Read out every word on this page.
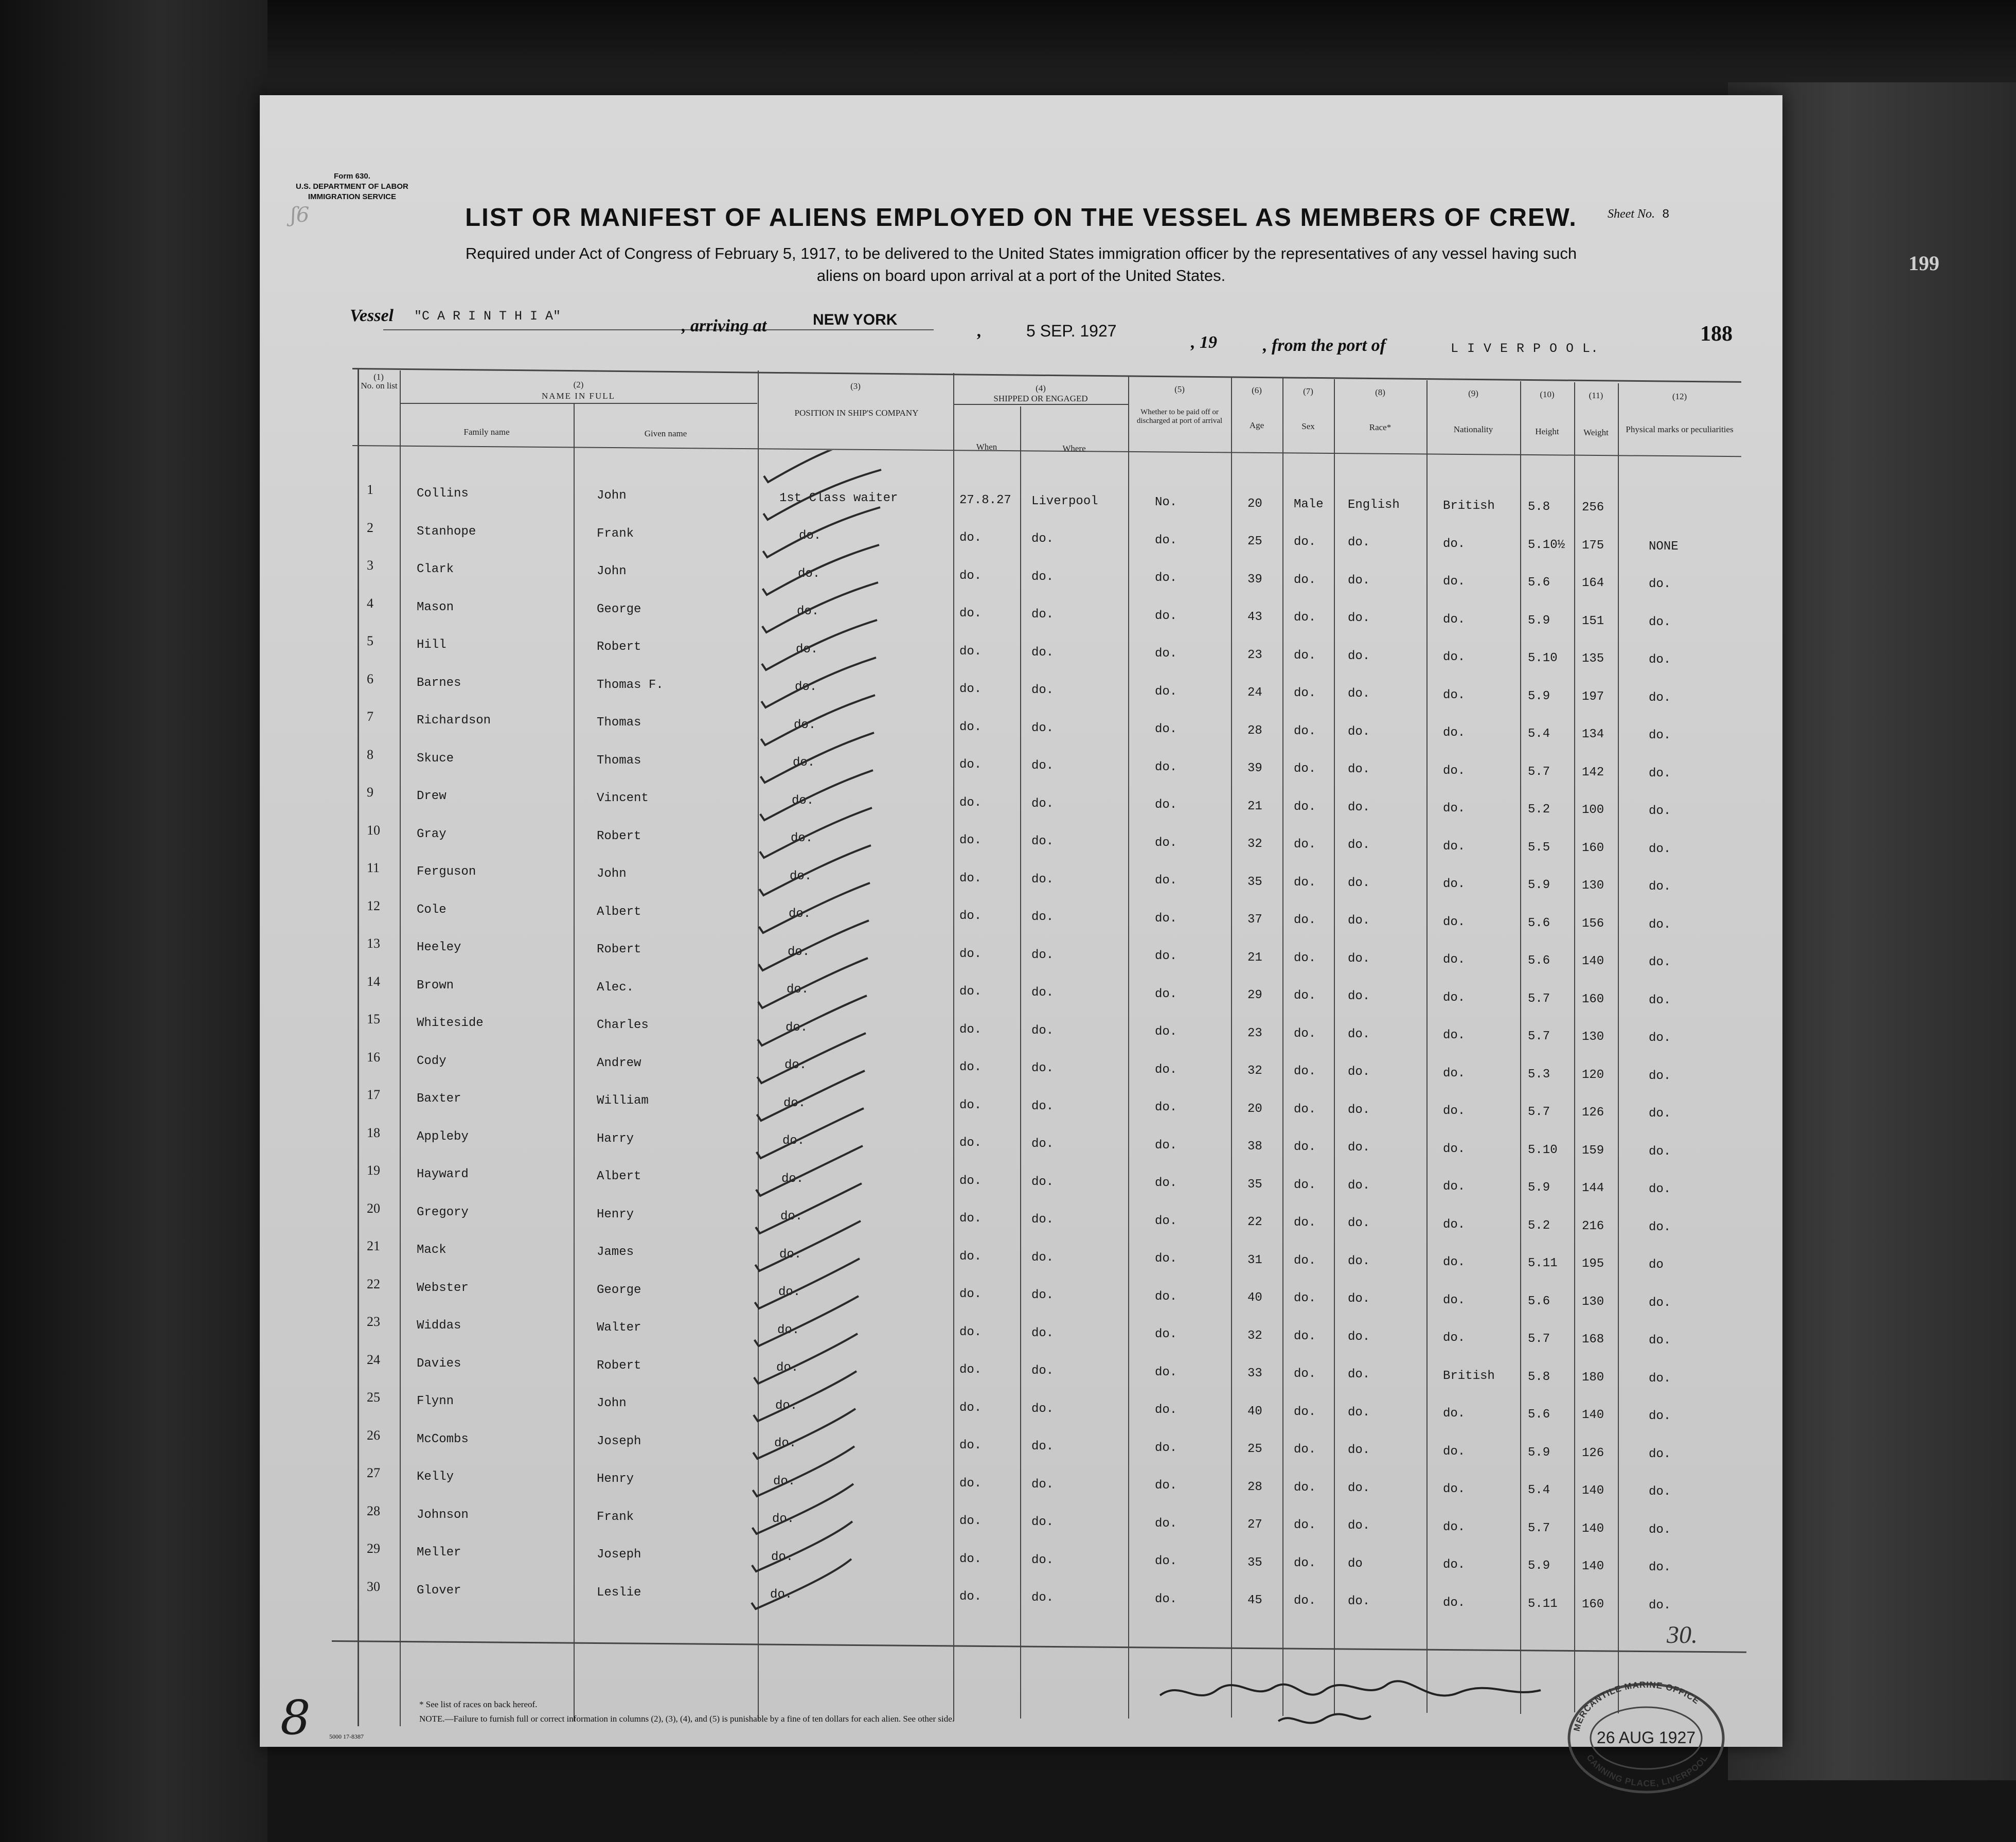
199
ʃ6
Form 630.
U.S. DEPARTMENT OF LABOR
IMMIGRATION SERVICE
Sheet No. 8
LIST OR MANIFEST OF ALIENS EMPLOYED ON THE VESSEL AS MEMBERS OF CREW.
Required under Act of Congress of February 5, 1917, to be delivered to the United States immigration officer by the representatives of any vessel having such
aliens on board upon arrival at a port of the United States.
Vessel "C A R I N T H I A"
, arriving at	NEW YORK
,	5 SEP. 1927
, 19	, from the port of	L I V E R P O O L.
188
(1)
No. on list	(2)
NAME IN FULL
Family name	Given name
(3)
POSITION IN SHIP'S COMPANY
(4)
SHIPPED OR ENGAGED
When	Where
(5)
Whether to be paid off or discharged at port of arrival
(6)
Age
(7)
Sex
(8)
Race*
(9)
Nationality
(10)
Height
(11)
Weight
(12)
Physical marks or peculiarities
1	Collins	John	1st Class waiter	27.8.27 Liverpool	No.	20	Male English	British	5.8	256
2	Stanhope	Frank	do.	do.	do.	do.	25	do.	do.	do.	5.10½ 175	NONE
3	Clark	John	do.	do.	do.	do.	39	do.	do.	do.	5.6	164	do.
4	Mason	George	do.	do.	do.	do.	43	do.	do.	do.	5.9	151	do.
5	Hill	Robert	do.	do.	do.	do.	23	do.	do.	do.	5.10 135	do.
6	Barnes	Thomas F.	do.	do.	do.	do.	24	do.	do.	do.	5.9	197	do.
7	Richardson	Thomas	do.	do.	do.	do.	28	do.	do.	do.	5.4	134	do.
8	Skuce	Thomas	do.	do.	do.	do.	39	do.	do.	do.	5.7	142	do.
9	Drew	Vincent	do.	do.	do.	do.	21	do.	do.	do.	5.2	100	do.
10	Gray	Robert	do.	do.	do.	do.	32	do.	do.	do.	5.5	160	do.
11	Ferguson	John	do.	do.	do.	do.	35	do.	do.	do.	5.9	130	do.
12	Cole	Albert	do.	do.	do.	do.	37	do.	do.	do.	5.6	156	do.
13	Heeley	Robert	do.	do.	do.	do.	21	do.	do.	do.	5.6	140	do.
14	Brown	Alec.	do.	do.	do.	do.	29	do.	do.	do.	5.7	160	do.
15	Whiteside	Charles	do.	do.	do.	do.	23	do.	do.	do.	5.7	130	do.
16	Cody	Andrew	do.	do.	do.	do.	32	do.	do.	do.	5.3	120	do.
17	Baxter	William	do.	do.	do.	do.	20	do.	do.	do.	5.7	126	do.
18	Appleby	Harry	do.	do.	do.	do.	38	do.	do.	do.	5.10 159	do.
19	Hayward	Albert	do.	do.	do.	do.	35	do.	do.	do.	5.9	144	do.
20	Gregory	Henry	do.	do.	do.	do.	22	do.	do.	do.	5.2	216	do.
21	Mack	James	do.	do.	do.	do.	31	do.	do.	do.	5.11 195	do
22	Webster	George	do.	do.	do.	do.	40	do.	do.	do.	5.6	130	do.
23	Widdas	Walter	do.	do.	do.	do.	32	do.	do.	do.	5.7	168	do.
24	Davies	Robert	do.	do.	do.	do.	33	do.	do.	British	5.8	180	do.
25	Flynn	John	do.	do.	do.	do.	40	do.	do.	do.	5.6	140	do.
26	McCombs	Joseph	do.	do.	do.	do.	25	do.	do.	do.	5.9	126	do.
27	Kelly	Henry	do.	do.	do.	do.	28	do.	do.	do.	5.4	140	do.
28	Johnson	Frank	do.	do.	do.	do.	27	do.	do.	do.	5.7	140	do.
29	Meller	Joseph	do.	do.	do.	do.	35	do.	do	do.	5.9	140	do.
30	Glover	Leslie	do.	do.	do.	do.	45	do.	do.	do.	5.11 160	do.
30.
8	* See list of races on back hereof.
NOTE.—Failure to furnish full or correct information in columns (2), (3), (4), and (5) is punishable by a fine of ten dollars for each alien. See other side.
5000 17-8387
MERCANTILE MARINE OFFICE
CANNING PLACE, LIVERPOOL
26 AUG 1927
